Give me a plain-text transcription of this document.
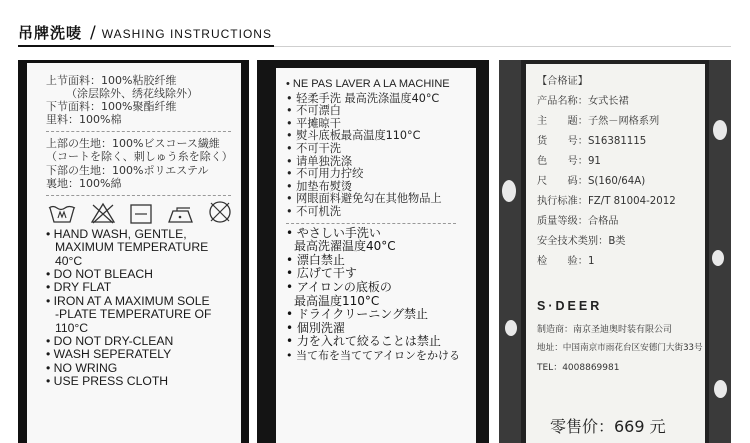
吊牌洗唛 / WASHING INSTRUCTIONS
上节面料：100%粘胶纤维
（涂层除外、绣花线除外）
下节面料：100%聚酯纤维
里料：100%棉
上部の生地：100%ビスコース繊維
（コートを除く、刺しゅう糸を除く）
下部の生地：100%ポリエステル
裏地：100%綿
• HAND WASH, GENTLE,
MAXIMUM TEMPERATURE
40°C
• DO NOT BLEACH
• DRY FLAT
• IRON AT A MAXIMUM SOLE
-PLATE TEMPERATURE OF
110°C
• DO NOT DRY-CLEAN
• WASH SEPERATELY
• NO WRING
• USE PRESS CLOTH
• NE PAS LAVER A LA MACHINE
• 轻柔手洗 最高洗涤温度40°C
• 不可漂白
• 平摊晾干
• 熨斗底板最高温度110°C
• 不可干洗
• 请单独洗涤
• 不可用力拧绞
• 加垫布熨烫
• 网眼面料避免勾在其他物品上
• 不可机洗
• やさしい手洗い
最高洗濯温度40°C
• 漂白禁止
• 広げて干す
• アイロンの底板の
最高温度110°C
• ドライクリーニング禁止
• 個別洗濯
• 力を入れて絞ることは禁止
• 当て布を当ててアイロンをかける
【合格证】
产品名称：女式长裙
主　　题：子然－网格系列
货　　号：S16381115
色　　号：91
尺　　码：S(160/64A)
执行标准：FZ/T 81004-2012
质量等级：合格品
安全技术类别：B类
检　　验：1
S·DEER
制造商：南京圣迪奥时装有限公司
地址：中国南京市雨花台区安德门大街33号
TEL：4008869981
零售价：669 元
